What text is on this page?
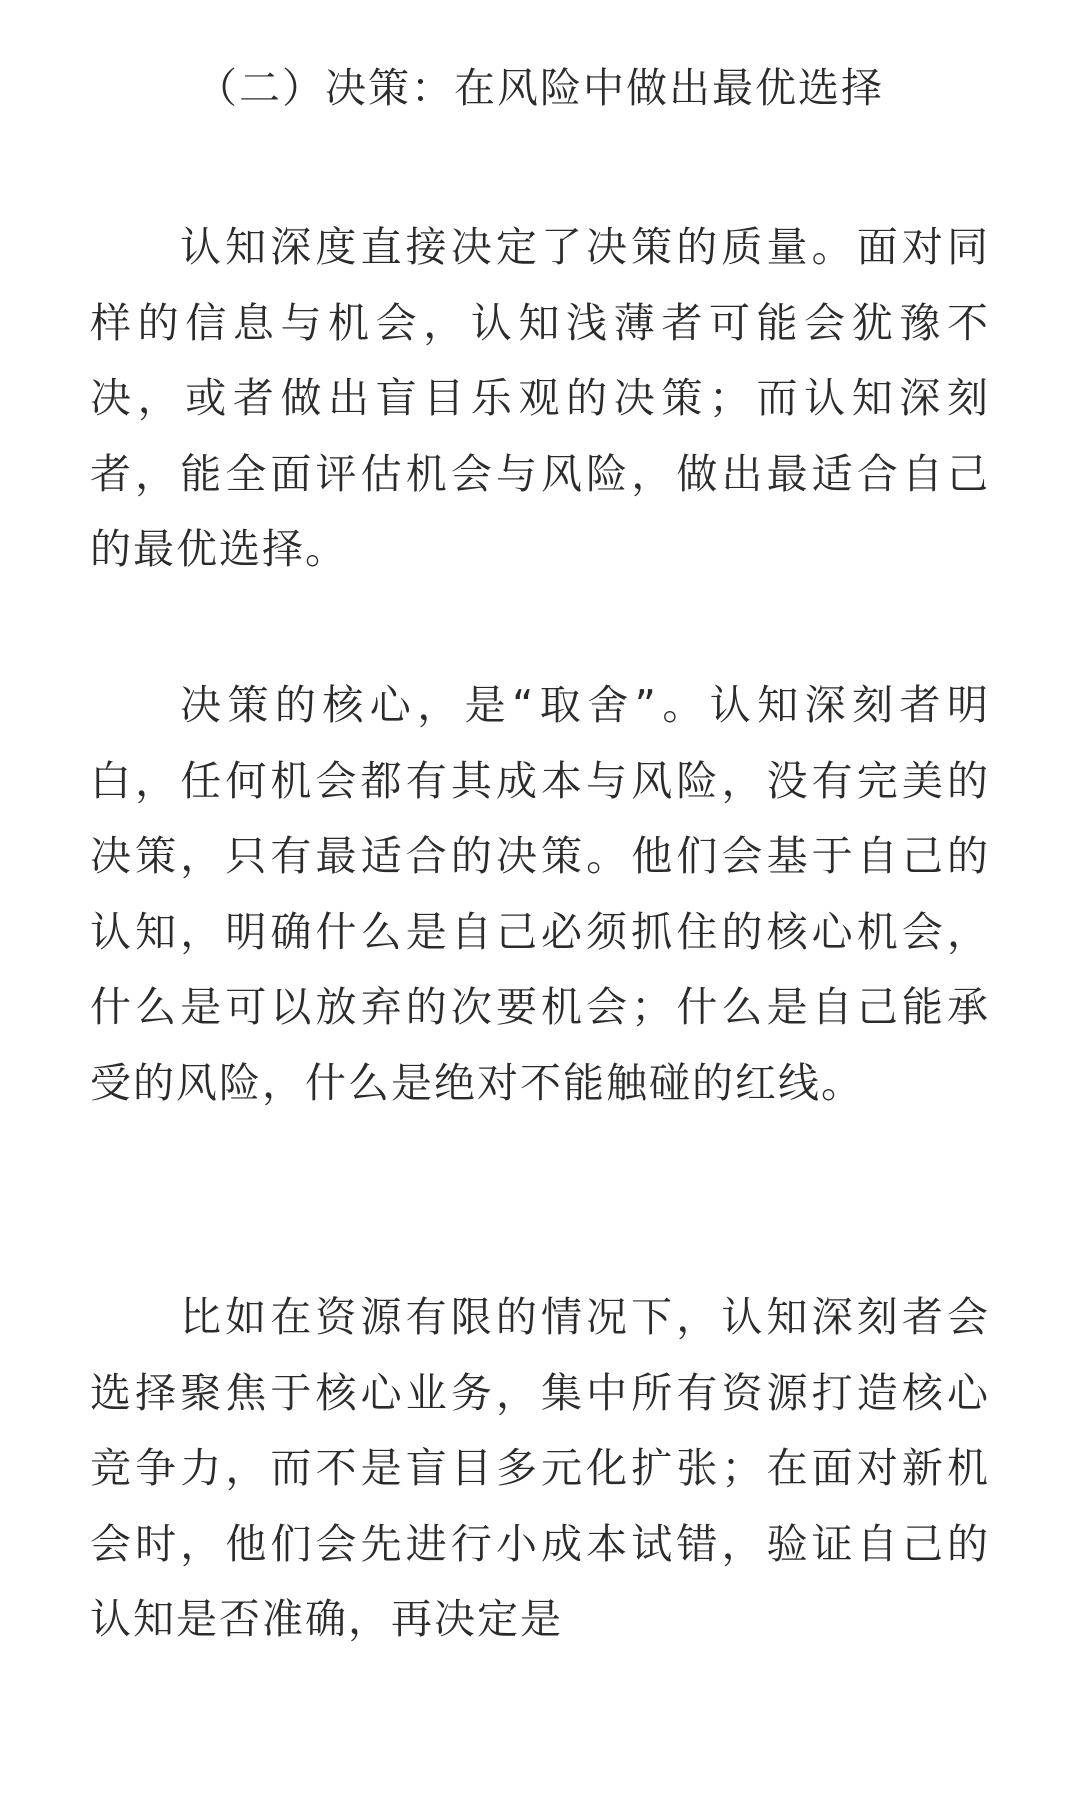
（二）决策：在风险中做出最优选择

认知深度直接决定了决策的质量。面对同样的信息与机会，认知浅薄者可能会犹豫不决，或者做出盲目乐观的决策；而认知深刻者，能全面评估机会与风险，做出最适合自己的最优选择。

决策的核心，是“取舍”。认知深刻者明白，任何机会都有其成本与风险，没有完美的决策，只有最适合的决策。他们会基于自己的认知，明确什么是自己必须抓住的核心机会，什么是可以放弃的次要机会；什么是自己能承受的风险，什么是绝对不能触碰的红线。

比如在资源有限的情况下，认知深刻者会选择聚焦于核心业务，集中所有资源打造核心竞争力，而不是盲目多元化扩张；在面对新机会时，他们会先进行小成本试错，验证自己的认知是否准确，再决定是
